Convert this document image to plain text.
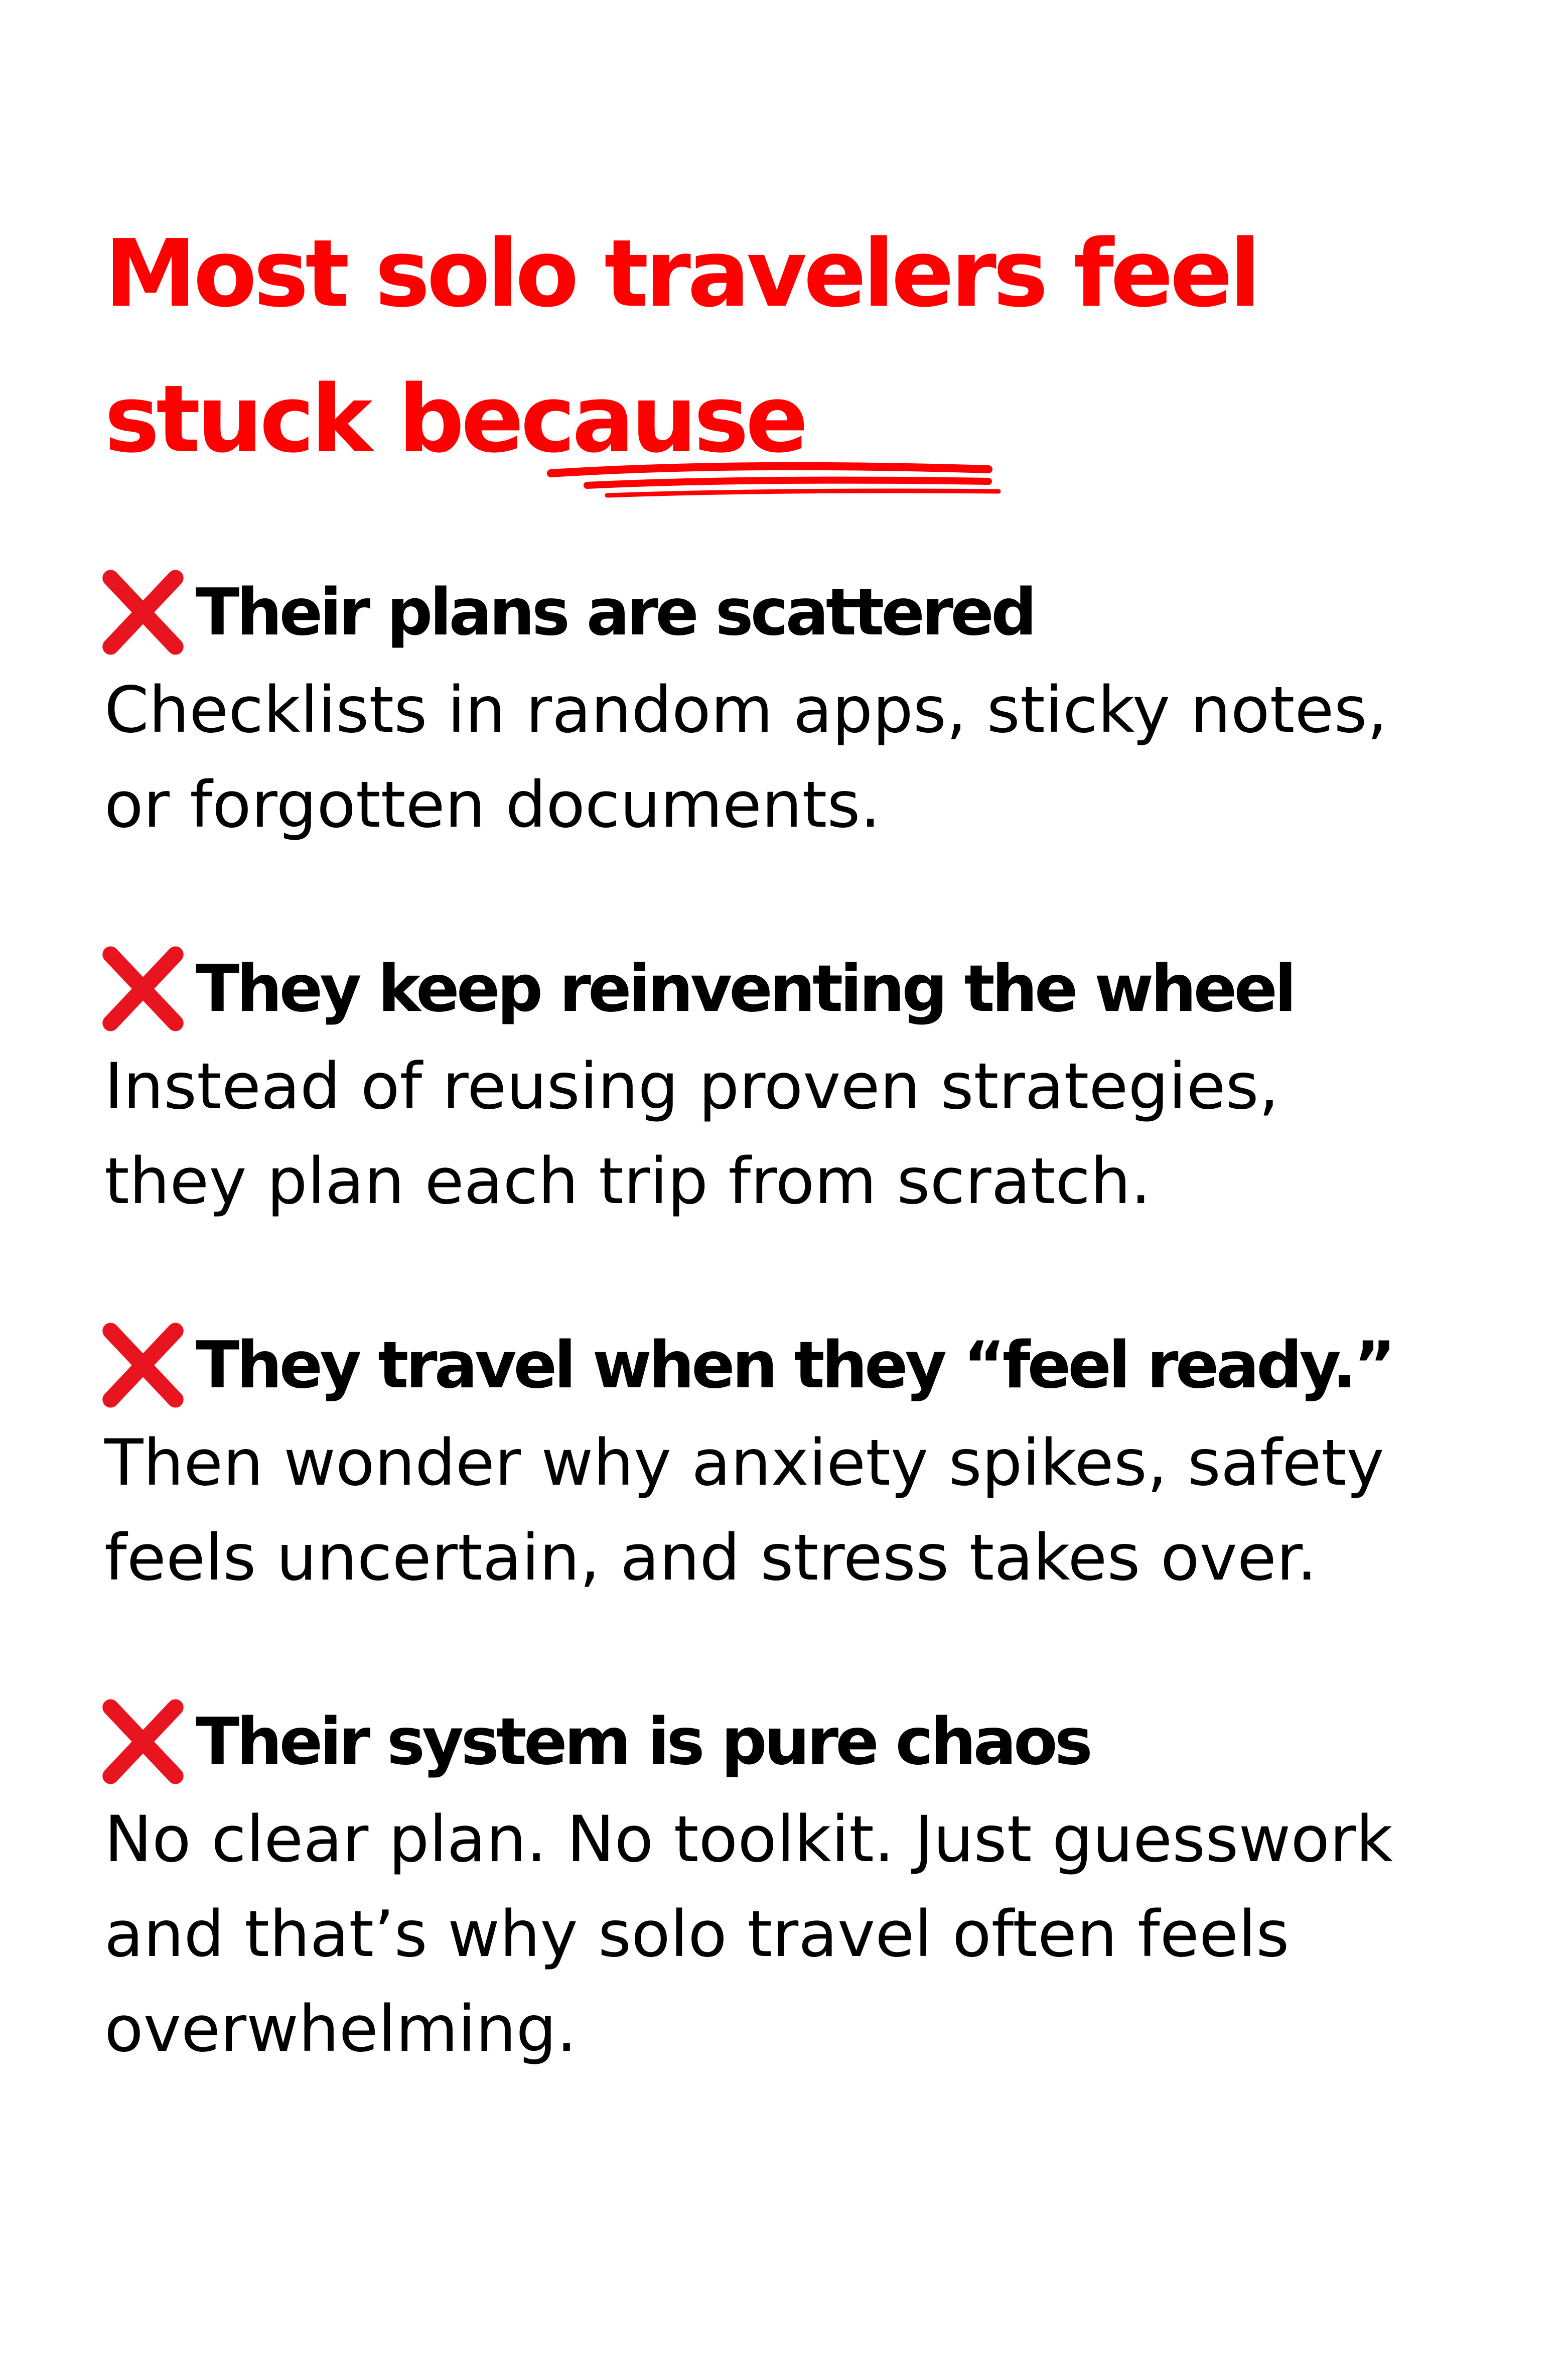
Most solo travelers feel
stuck because
Their plans are scattered

Checklists in random apps, sticky notes,
or forgotten documents.

They keep reinventing the wheel

Instead of reusing proven strategies,
they plan each trip from scratch.

They travel when they “feel ready.”

Then wonder why anxiety spikes, safety
feels uncertain, and stress takes over.

Their system is pure chaos

No clear plan. No toolkit. Just guesswork
and that’s why solo travel often feels
overwhelming.
